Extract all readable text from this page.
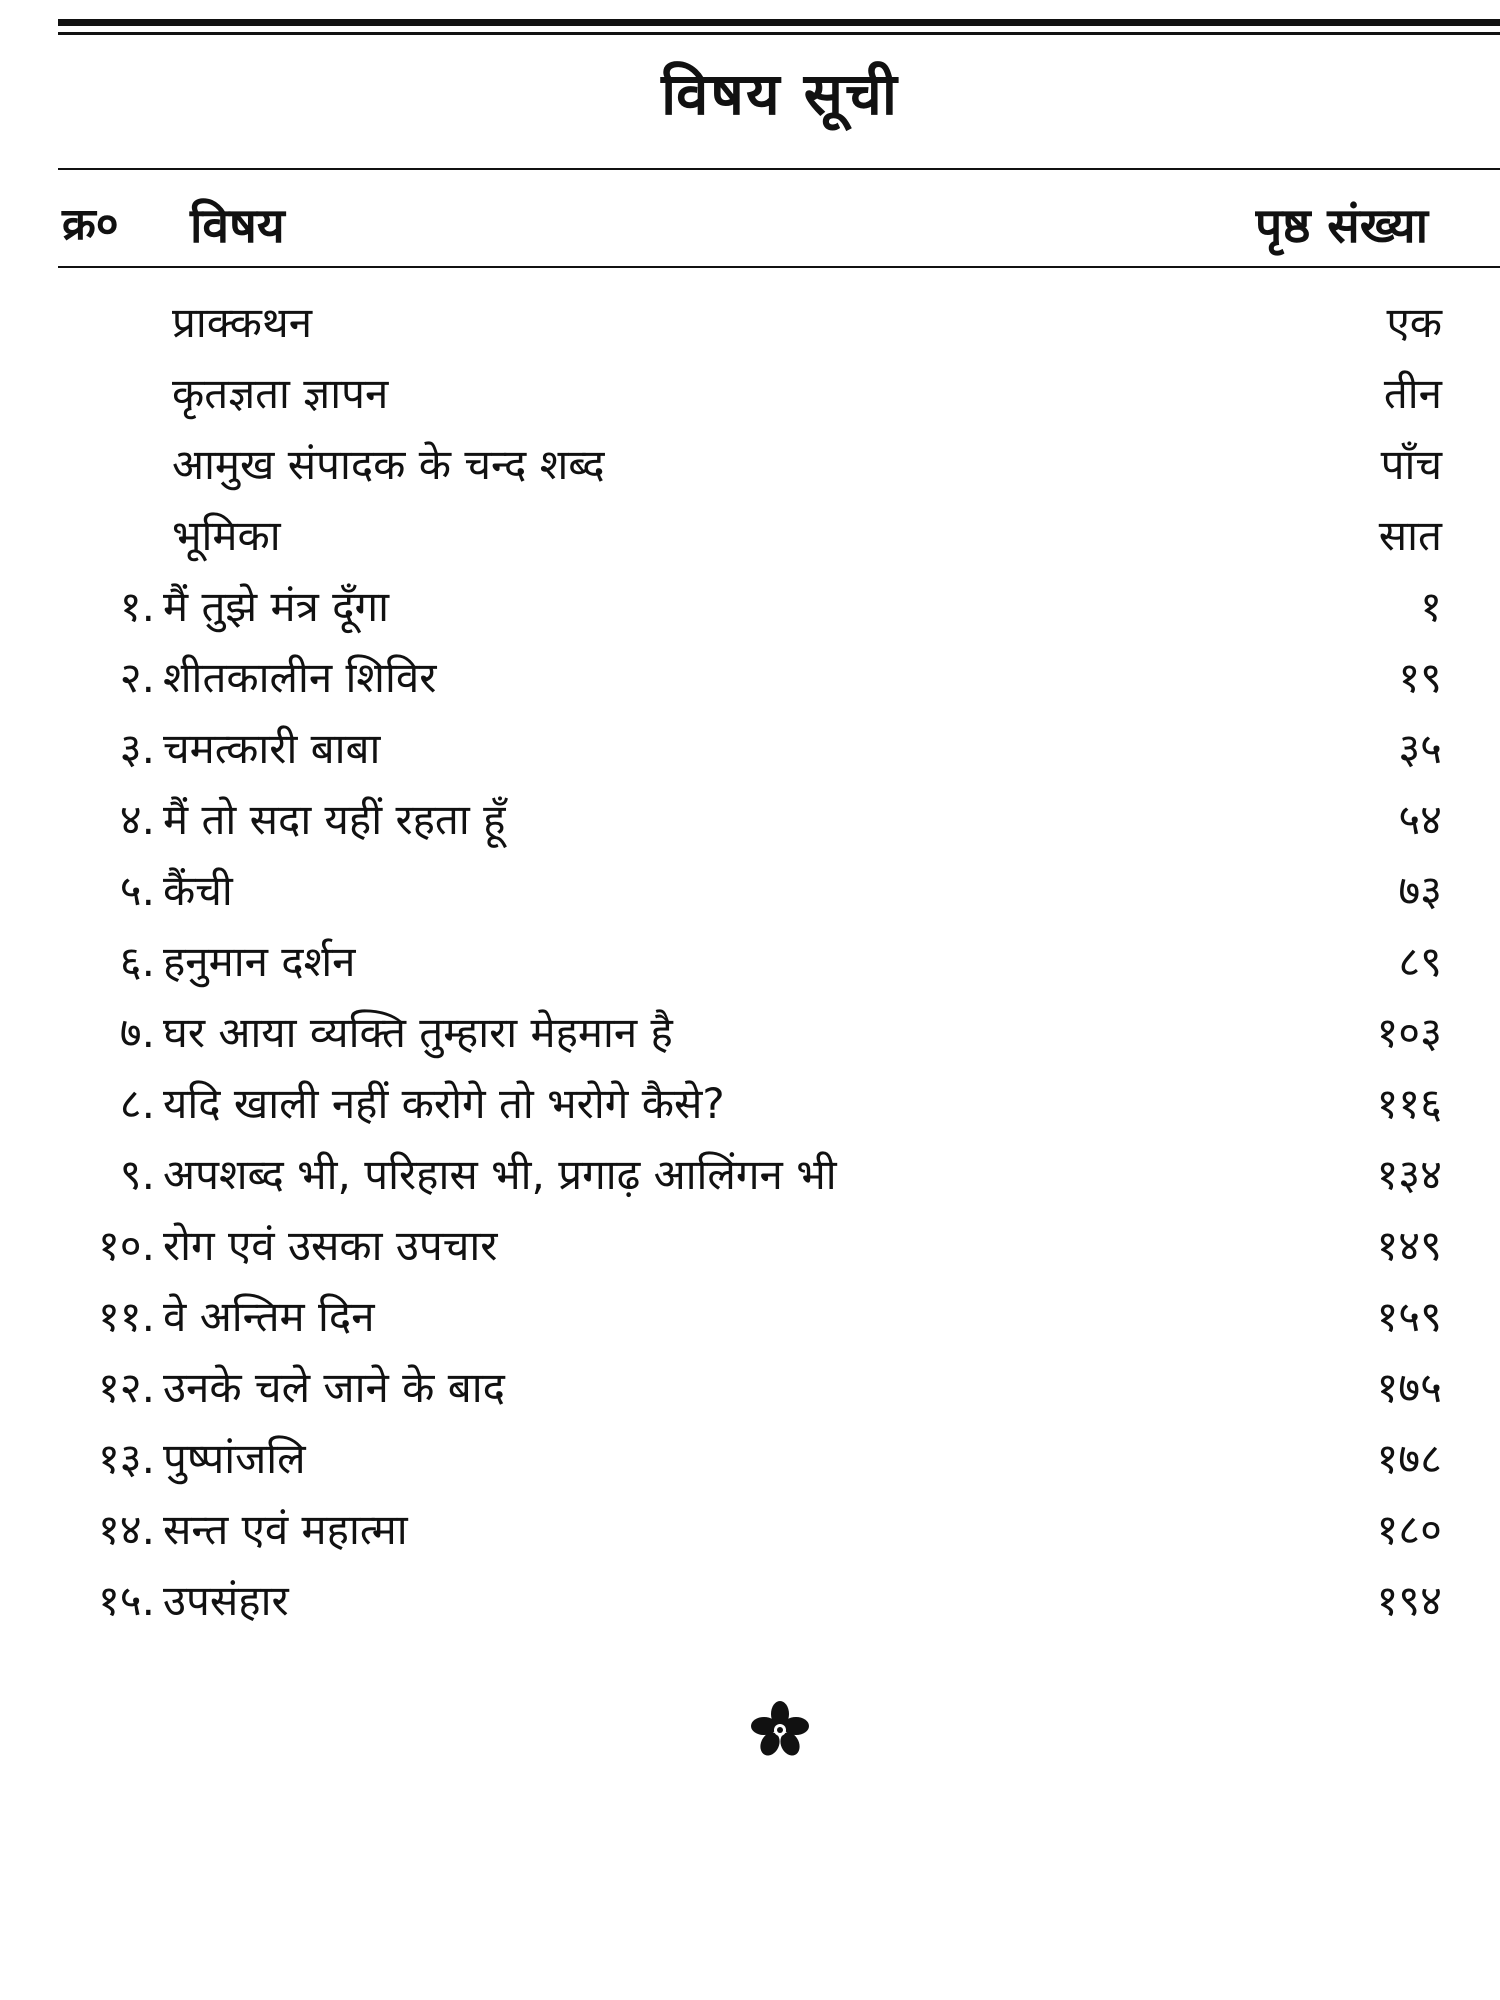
विषय सूची
क्र० विषय	पृष्ठ संख्या
प्राक्कथन	एक
कृतज्ञता ज्ञापन	तीन
आमुख संपादक के चन्द शब्द	पाँच
भूमिका	सात
१. मैं तुझे मंत्र दूँगा	१
२. शीतकालीन शिविर	१९
३. चमत्कारी बाबा	३५
४. मैं तो सदा यहीं रहता हूँ	५४
५. कैंची	७३
६. हनुमान दर्शन	८९
७. घर आया व्यक्ति तुम्हारा मेहमान है	१०३
८. यदि खाली नहीं करोगे तो भरोगे कैसे?	११६
९. अपशब्द भी, परिहास भी, प्रगाढ़ आलिंगन भी	१३४
१०. रोग एवं उसका उपचार	१४९
११. वे अन्तिम दिन	१५९
१२. उनके चले जाने के बाद	१७५
१३. पुष्पांजलि	१७८
१४. सन्त एवं महात्मा	१८०
१५. उपसंहार	१९४
